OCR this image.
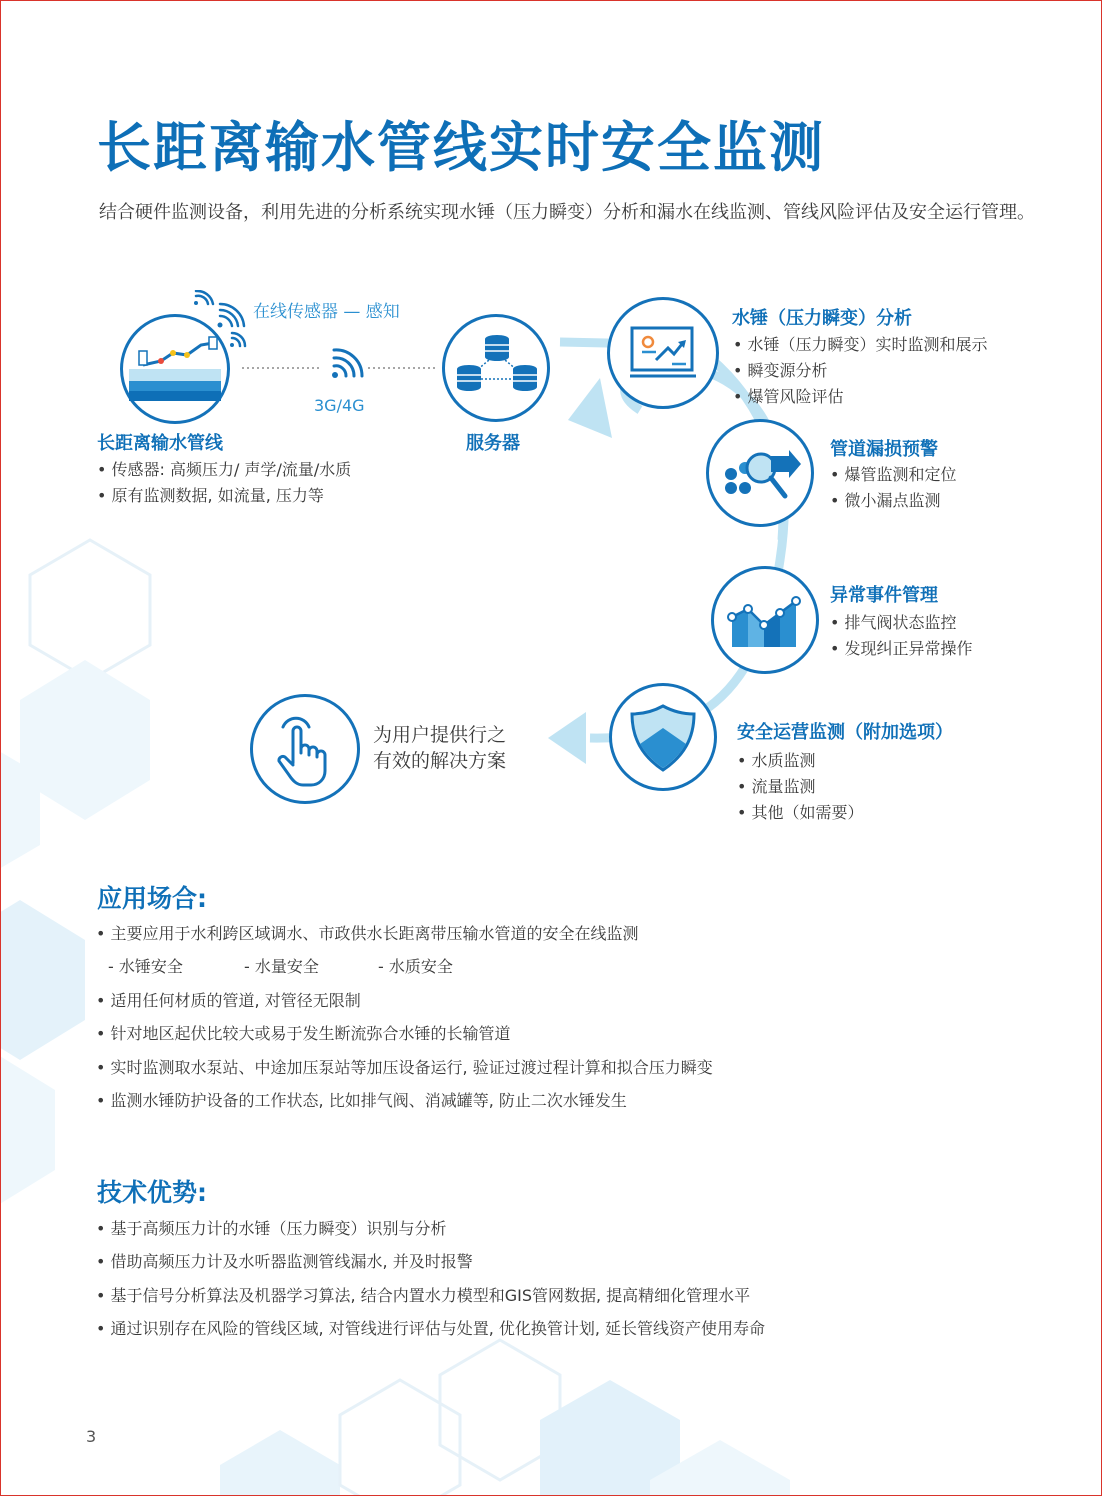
长距离输水管线实时安全监测
结合硬件监测设备，利用先进的分析系统实现水锤（压力瞬变）分析和漏水在线监测、管线风险评估及安全运行管理。
在线传感器 — 感知
3G/4G
长距离输水管线
• 传感器: 高频压力/ 声学/流量/水质
• 原有监测数据, 如流量, 压力等
服务器
水锤（压力瞬变）分析
• 水锤（压力瞬变）实时监测和展示
• 瞬变源分析
• 爆管风险评估
管道漏损预警
• 爆管监测和定位
• 微小漏点监测
异常事件管理
• 排气阀状态监控
• 发现纠正异常操作
安全运营监测（附加选项）
• 水质监测
• 流量监测
• 其他（如需要）
为用户提供行之
有效的解决方案
应用场合:
• 主要应用于水利跨区域调水、市政供水长距离带压输水管道的安全在线监测
- 水锤安全	- 水量安全	- 水质安全
• 适用任何材质的管道, 对管径无限制
• 针对地区起伏比较大或易于发生断流弥合水锤的长输管道
• 实时监测取水泵站、中途加压泵站等加压设备运行, 验证过渡过程计算和拟合压力瞬变
• 监测水锤防护设备的工作状态, 比如排气阀、消减罐等, 防止二次水锤发生
技术优势:
• 基于高频压力计的水锤（压力瞬变）识别与分析
• 借助高频压力计及水听器监测管线漏水, 并及时报警
• 基于信号分析算法及机器学习算法, 结合内置水力模型和GIS管网数据, 提高精细化管理水平
• 通过识别存在风险的管线区域, 对管线进行评估与处置, 优化换管计划, 延长管线资产使用寿命
3
